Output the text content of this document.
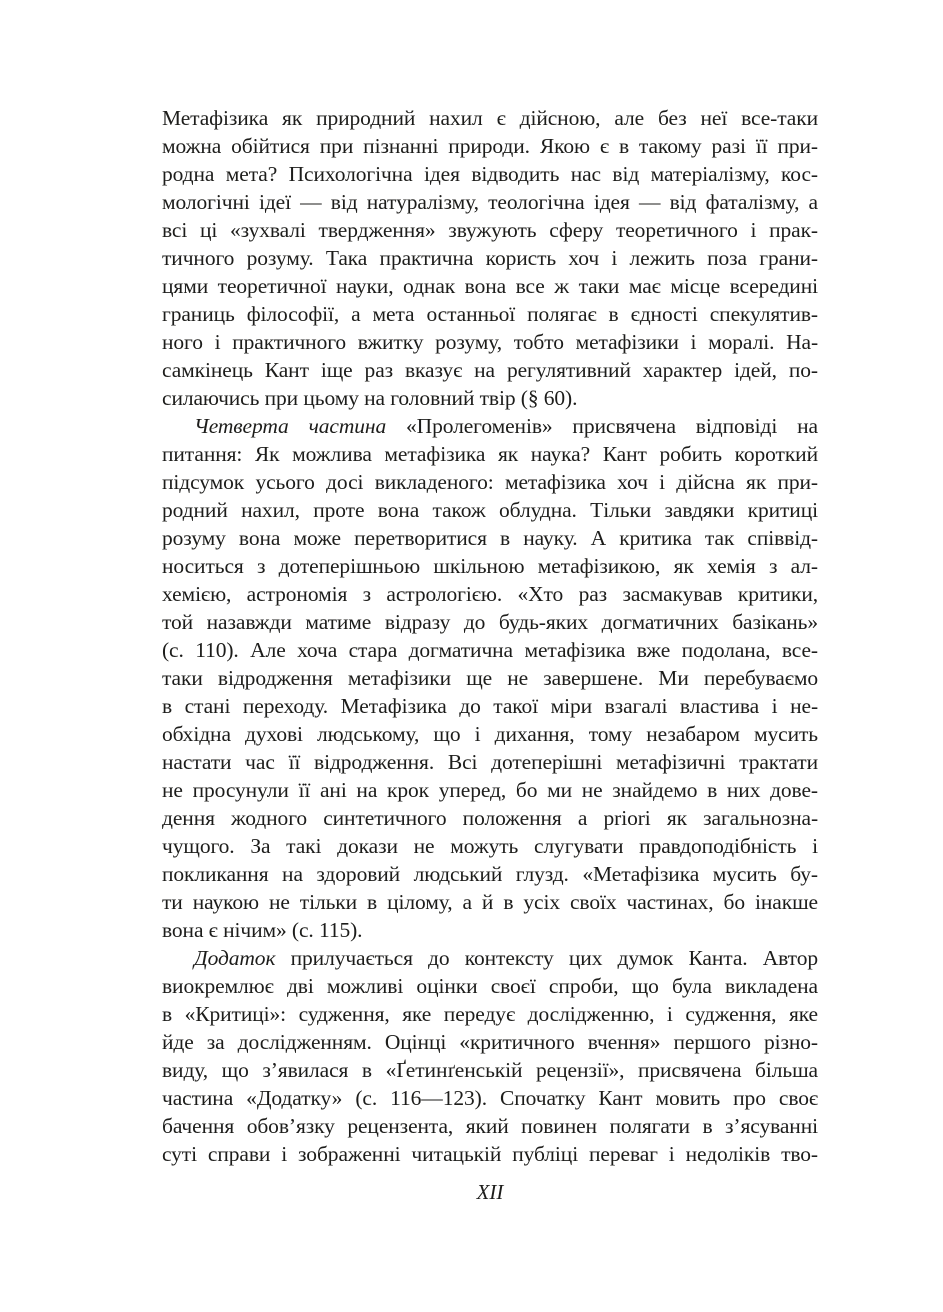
Метафізика як природний нахил є дійсною, але без неї все-таки
можна обійтися при пізнанні природи. Якою є в такому разі її при-
родна мета? Психологічна ідея відводить нас від матеріалізму, кос-
мологічні ідеї — від натуралізму, теологічна ідея — від фаталізму, а
всі ці «зухвалі твердження» звужують сферу теоретичного і прак-
тичного розуму. Така практична користь хоч і лежить поза грани-
цями теоретичної науки, однак вона все ж таки має місце всередині
границь філософії, а мета останньої полягає в єдності спекулятив-
ного і практичного вжитку розуму, тобто метафізики і моралі. На-
самкінець Кант іще раз вказує на регулятивний характер ідей, по-
силаючись при цьому на головний твір (§ 60).
Четверта частина «Пролегоменів» присвячена відповіді на
питання: Як можлива метафізика як наука? Кант робить короткий
підсумок усього досі викладеного: метафізика хоч і дійсна як при-
родний нахил, проте вона також облудна. Тільки завдяки критиці
розуму вона може перетворитися в науку. А критика так співвід-
носиться з дотеперішньою шкільною метафізикою, як хемія з ал-
хемією, астрономія з астрологією. «Хто раз засмакував критики,
той назавжди матиме відразу до будь-яких догматичних базікань»
(с. 110). Але хоча стара догматична метафізика вже подолана, все-
таки відродження метафізики ще не завершене. Ми перебуваємо
в стані переходу. Метафізика до такої міри взагалі властива і не-
обхідна духові людському, що і дихання, тому незабаром мусить
настати час її відродження. Всі дотеперішні метафізичні трактати
не просунули її ані на крок уперед, бо ми не знайдемо в них дове-
дення жодного синтетичного положення a priori як загальнозна-
чущого. За такі докази не можуть слугувати правдоподібність і
покликання на здоровий людський глузд. «Метафізика мусить бу-
ти наукою не тільки в цілому, а й в усіх своїх частинах, бо інакше
вона є нічим» (с. 115).
Додаток прилучається до контексту цих думок Канта. Автор
виокремлює дві можливі оцінки своєї спроби, що була викладена
в «Критиці»: судження, яке передує дослідженню, і судження, яке
йде за дослідженням. Оцінці «критичного вчення» першого різно-
виду, що з’явилася в «Ґетинґенській рецензії», присвячена більша
частина «Додатку» (с. 116—123). Спочатку Кант мовить про своє
бачення обов’язку рецензента, який повинен полягати в з’ясуванні
суті справи і зображенні читацькій публіці переваг і недоліків тво-
XII
